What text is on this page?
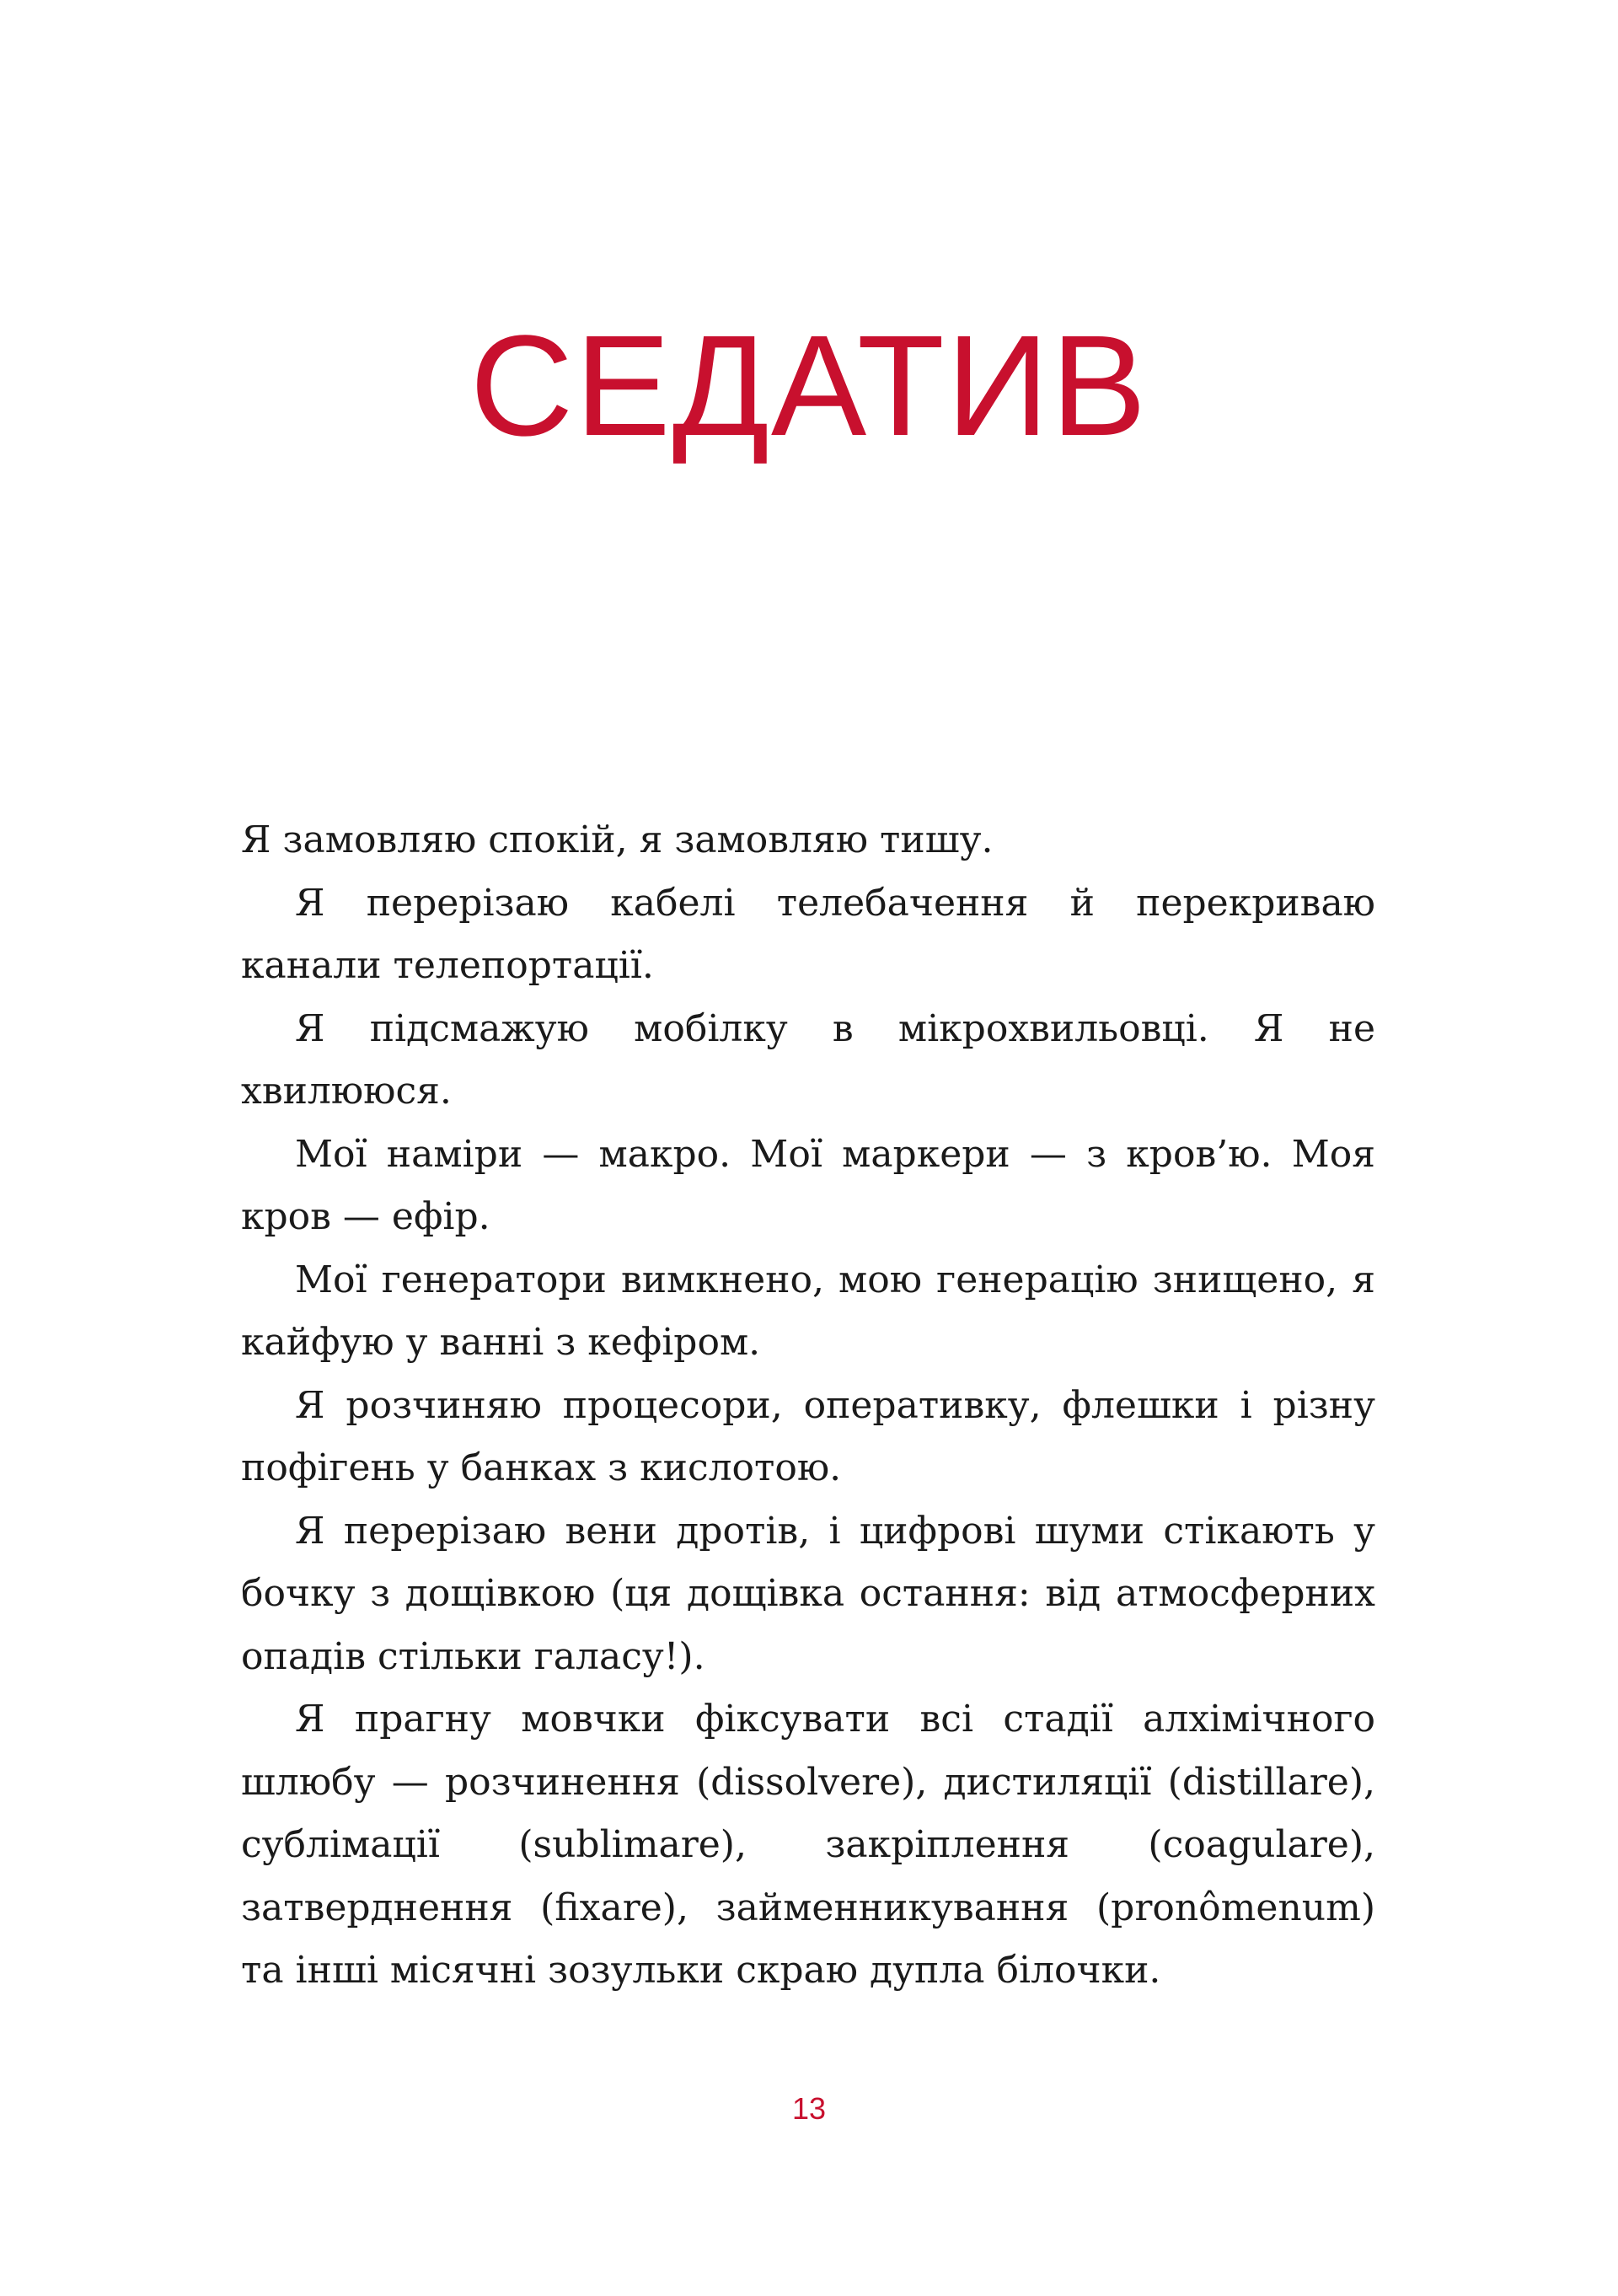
СЕДАТИВ

Я замовляю спокій, я замовляю тишу.

Я перерізаю кабелі телебачення й перекриваю канали телепортації.

Я підсмажую мобілку в мікрохвильовці. Я не хвилююся.

Мої наміри — макро. Мої маркери — з кров’ю. Моя кров — ефір.

Мої генератори вимкнено, мою генерацію знищено, я кайфую у ванні з кефіром.

Я розчиняю процесори, оперативку, флешки і різну пофігень у банках з кислотою.

Я перерізаю вени дротів, і цифрові шуми стікають у бочку з дощівкою (ця дощівка остання: від атмосферних опадів стільки галасу!).

Я прагну мовчки фіксувати всі стадії алхімічного шлюбу — розчинення (dissolvere), дистиляції (distillare), сублімації (sublimare), закріплення (coagulare), затверднення (fixare), займенникування (pronômenum) та інші місячні зозульки скраю дупла білочки.

13
